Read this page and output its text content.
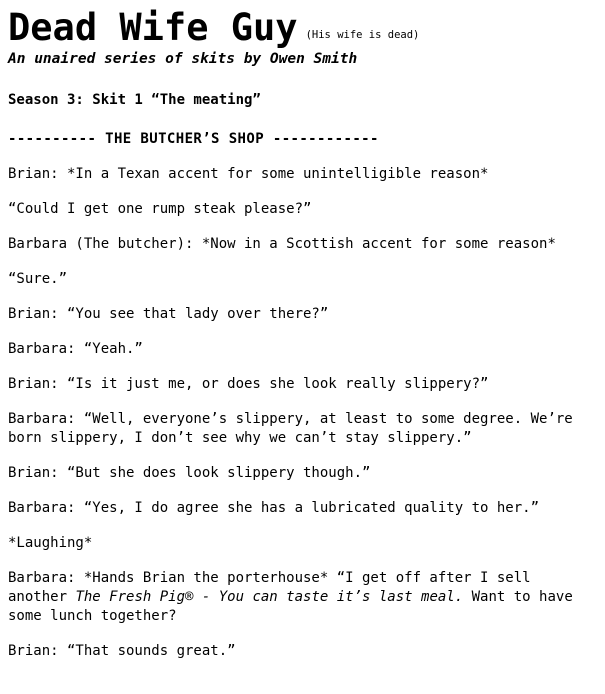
Dead Wife Guy (His wife is dead)
An unaired series of skits by Owen Smith
Season 3: Skit 1 “The meating”
---------- THE BUTCHER’S SHOP ------------
Brian: *In a Texan accent for some unintelligible reason*
“Could I get one rump steak please?”
Barbara (The butcher): *Now in a Scottish accent for some reason*
“Sure.”
Brian: “You see that lady over there?”
Barbara: “Yeah.”
Brian: “Is it just me, or does she look really slippery?”
Barbara: “Well, everyone’s slippery, at least to some degree. We’re born slippery, I don’t see why we can’t stay slippery.”
Brian: “But she does look slippery though.”
Barbara: “Yes, I do agree she has a lubricated quality to her.”
*Laughing*
Barbara: *Hands Brian the porterhouse* “I get off after I sell another The Fresh Pig® - You can taste it’s last meal. Want to have some lunch together?
Brian: “That sounds great.”
